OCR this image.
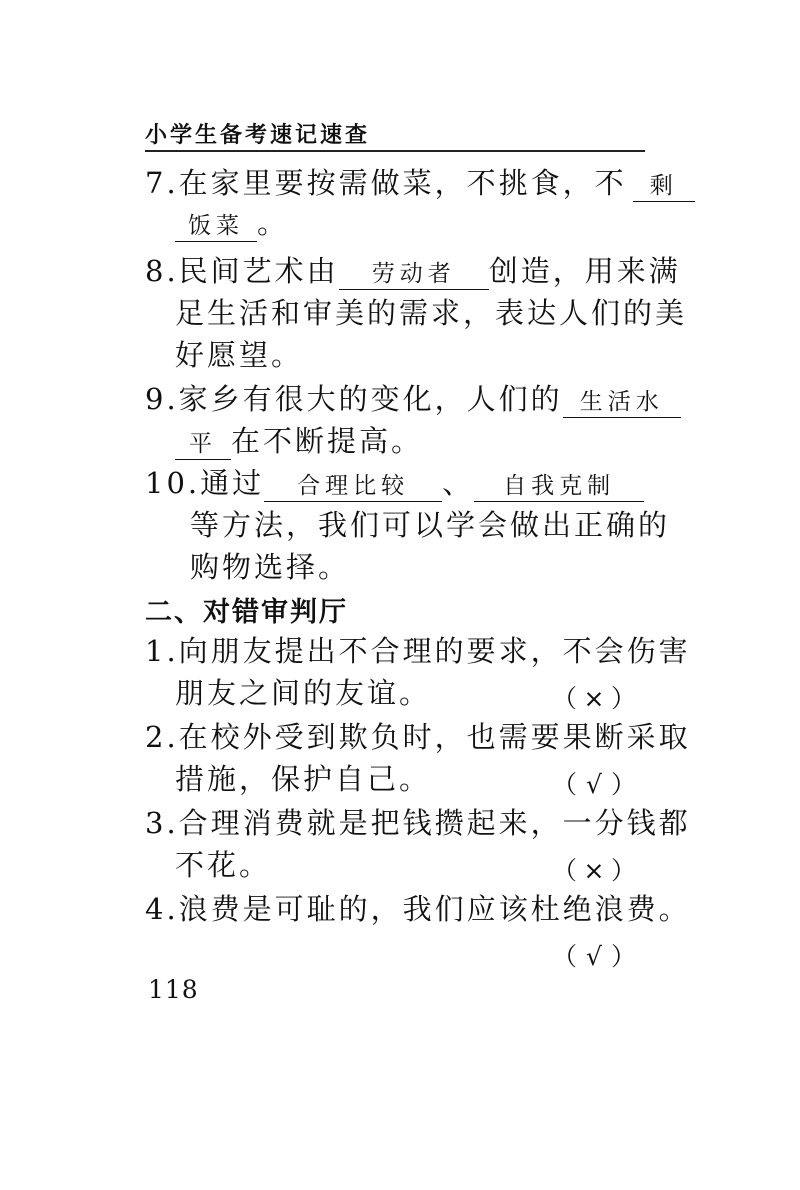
小学生备考速记速查
7.在家里要按需做菜，不挑食，不 剩
饭菜 。
8.民间艺术由 劳动者 创造，用来满
足生活和审美的需求，表达人们的美
好愿望。
9.家乡有很大的变化，人们的 生活水
平 在不断提高。
10.通过 合理比较 、 自我克制
等方法，我们可以学会做出正确的
购物选择。
二、对错审判厅
1.向朋友提出不合理的要求，不会伤害
朋友之间的友谊。	（ × ）
2.在校外受到欺负时，也需要果断采取
措施，保护自己。	（ √ ）
3.合理消费就是把钱攒起来，一分钱都
不花。	（ × ）
4.浪费是可耻的，我们应该杜绝浪费。
（ √ ）
118
